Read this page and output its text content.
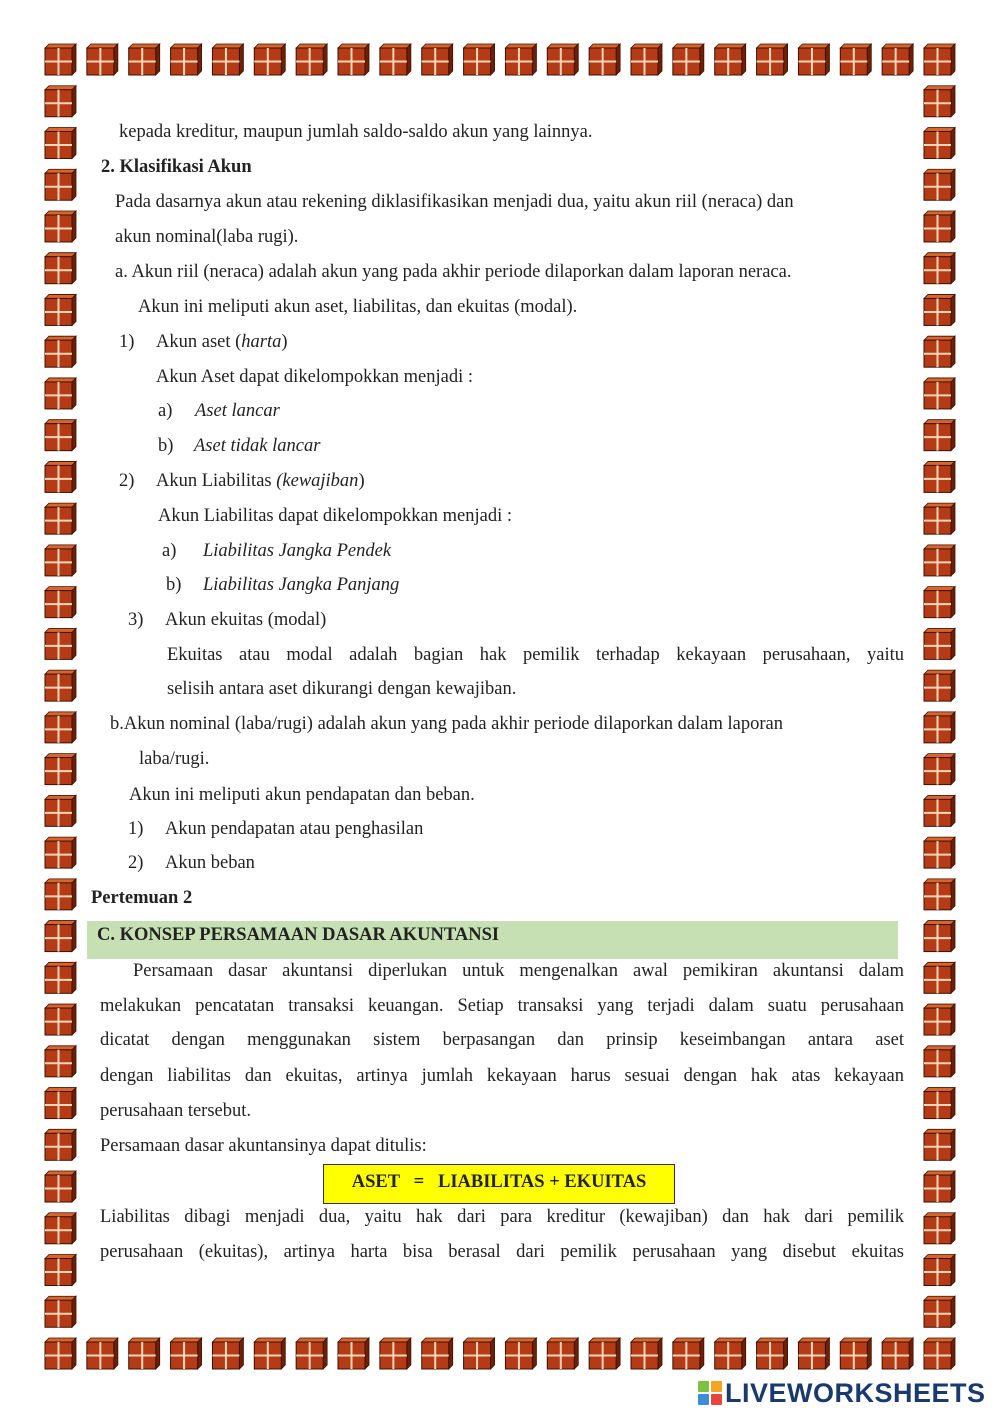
kepada kreditur, maupun jumlah saldo-saldo akun yang lainnya.
2. Klasifikasi Akun
Pada dasarnya akun atau rekening diklasifikasikan menjadi dua, yaitu akun riil (neraca) dan
akun nominal(laba rugi).
a. Akun riil (neraca) adalah akun yang pada akhir periode dilaporkan dalam laporan neraca.
Akun ini meliputi akun aset, liabilitas, dan ekuitas (modal).
1) Akun aset (harta)
Akun Aset dapat dikelompokkan menjadi :
a) Aset lancar
b) Aset tidak lancar
2) Akun Liabilitas (kewajiban)
Akun Liabilitas dapat dikelompokkan menjadi :
a) Liabilitas Jangka Pendek
b) Liabilitas Jangka Panjang
3) Akun ekuitas (modal)
Ekuitas atau modal adalah bagian hak pemilik terhadap kekayaan perusahaan, yaitu
selisih antara aset dikurangi dengan kewajiban.
b.Akun nominal (laba/rugi) adalah akun yang pada akhir periode dilaporkan dalam laporan
laba/rugi.
Akun ini meliputi akun pendapatan dan beban.
1) Akun pendapatan atau penghasilan
2) Akun beban
Pertemuan 2
C. KONSEP PERSAMAAN DASAR AKUNTANSI
Persamaan dasar akuntansi diperlukan untuk mengenalkan awal pemikiran akuntansi dalam
melakukan pencatatan transaksi keuangan. Setiap transaksi yang terjadi dalam suatu perusahaan
dicatat dengan menggunakan sistem berpasangan dan prinsip keseimbangan antara aset
dengan liabilitas dan ekuitas, artinya jumlah kekayaan harus sesuai dengan hak atas kekayaan
perusahaan tersebut.
Persamaan dasar akuntansinya dapat ditulis:
ASET   =   LIABILITAS + EKUITAS
Liabilitas dibagi menjadi dua, yaitu hak dari para kreditur (kewajiban) dan hak dari pemilik
perusahaan (ekuitas), artinya harta bisa berasal dari pemilik perusahaan yang disebut ekuitas
LIVEWORKSHEETS
